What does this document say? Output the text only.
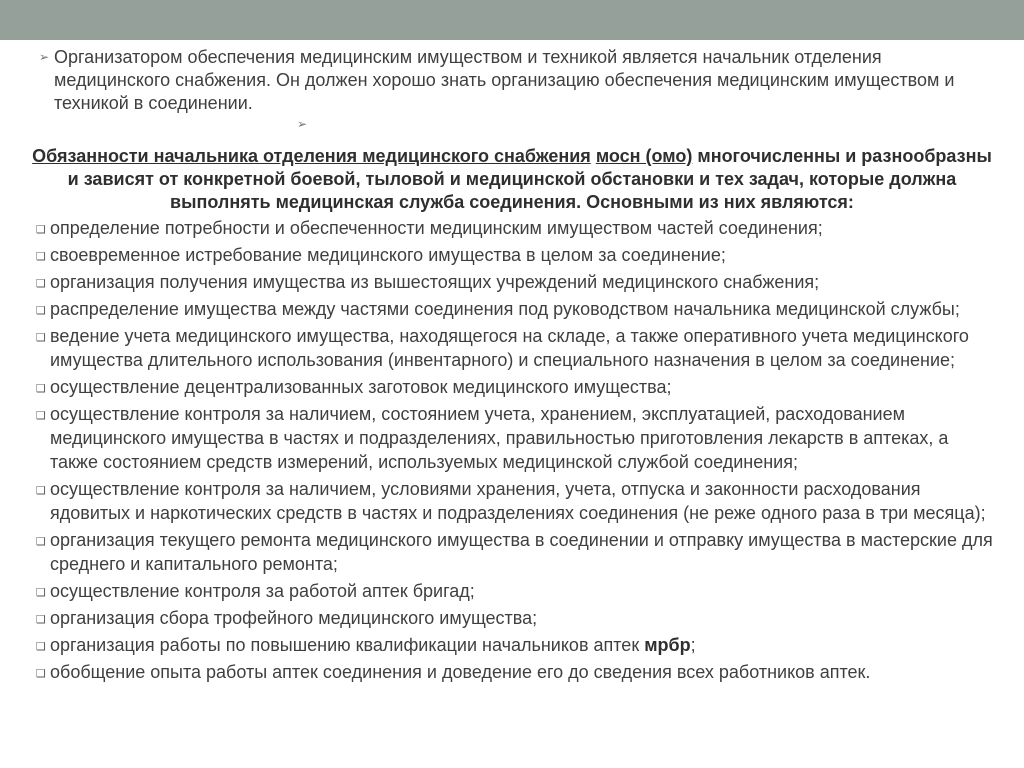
➢ Организатором обеспечения медицинским имуществом и техникой является начальник отделения медицинского снабжения. Он должен хорошо знать организацию обеспечения медицинским имуществом и техникой в соединении.
➢
Обязанности начальника отделения медицинского снабжения мосн (омо) многочисленны и разнообразны и зависят от конкретной боевой, тыловой и медицинской обстановки и тех задач, которые должна выполнять медицинская служба соединения. Основными из них являются:
❑ определение потребности и обеспеченности медицинским имуществом частей соединения;
❑ своевременное истребование медицинского имущества в целом за соединение;
❑ организация получения имущества из вышестоящих учреждений медицинского снабжения;
❑ распределение имущества между частями соединения под руководством начальника медицинской службы;
❑ ведение учета медицинского имущества, находящегося на складе, а также оперативного учета медицинского имущества длительного использования (инвентарного) и специального назначения в целом за соединение;
❑ осуществление децентрализованных заготовок медицинского имущества;
❑ осуществление контроля за наличием, состоянием учета, хранением, эксплуатацией, расходованием медицинского имущества в частях и подразделениях, правильностью приготовления лекарств в аптеках, а также состоянием средств измерений, используемых медицинской службой соединения;
❑ осуществление контроля за наличием, условиями хранения, учета, отпуска и законности расходования ядовитых и наркотических средств в частях и подразделениях соединения (не реже одного раза в три месяца);
❑ организация текущего ремонта медицинского имущества в соединении и отправку имущества в мастерские для среднего и капитального ремонта;
❑ осуществление контроля за работой аптек бригад;
❑ организация сбора трофейного медицинского имущества;
❑ организация работы по повышению квалификации начальников аптек мрбр;
❑ обобщение опыта работы аптек соединения и доведение его до сведения всех работников аптек.
